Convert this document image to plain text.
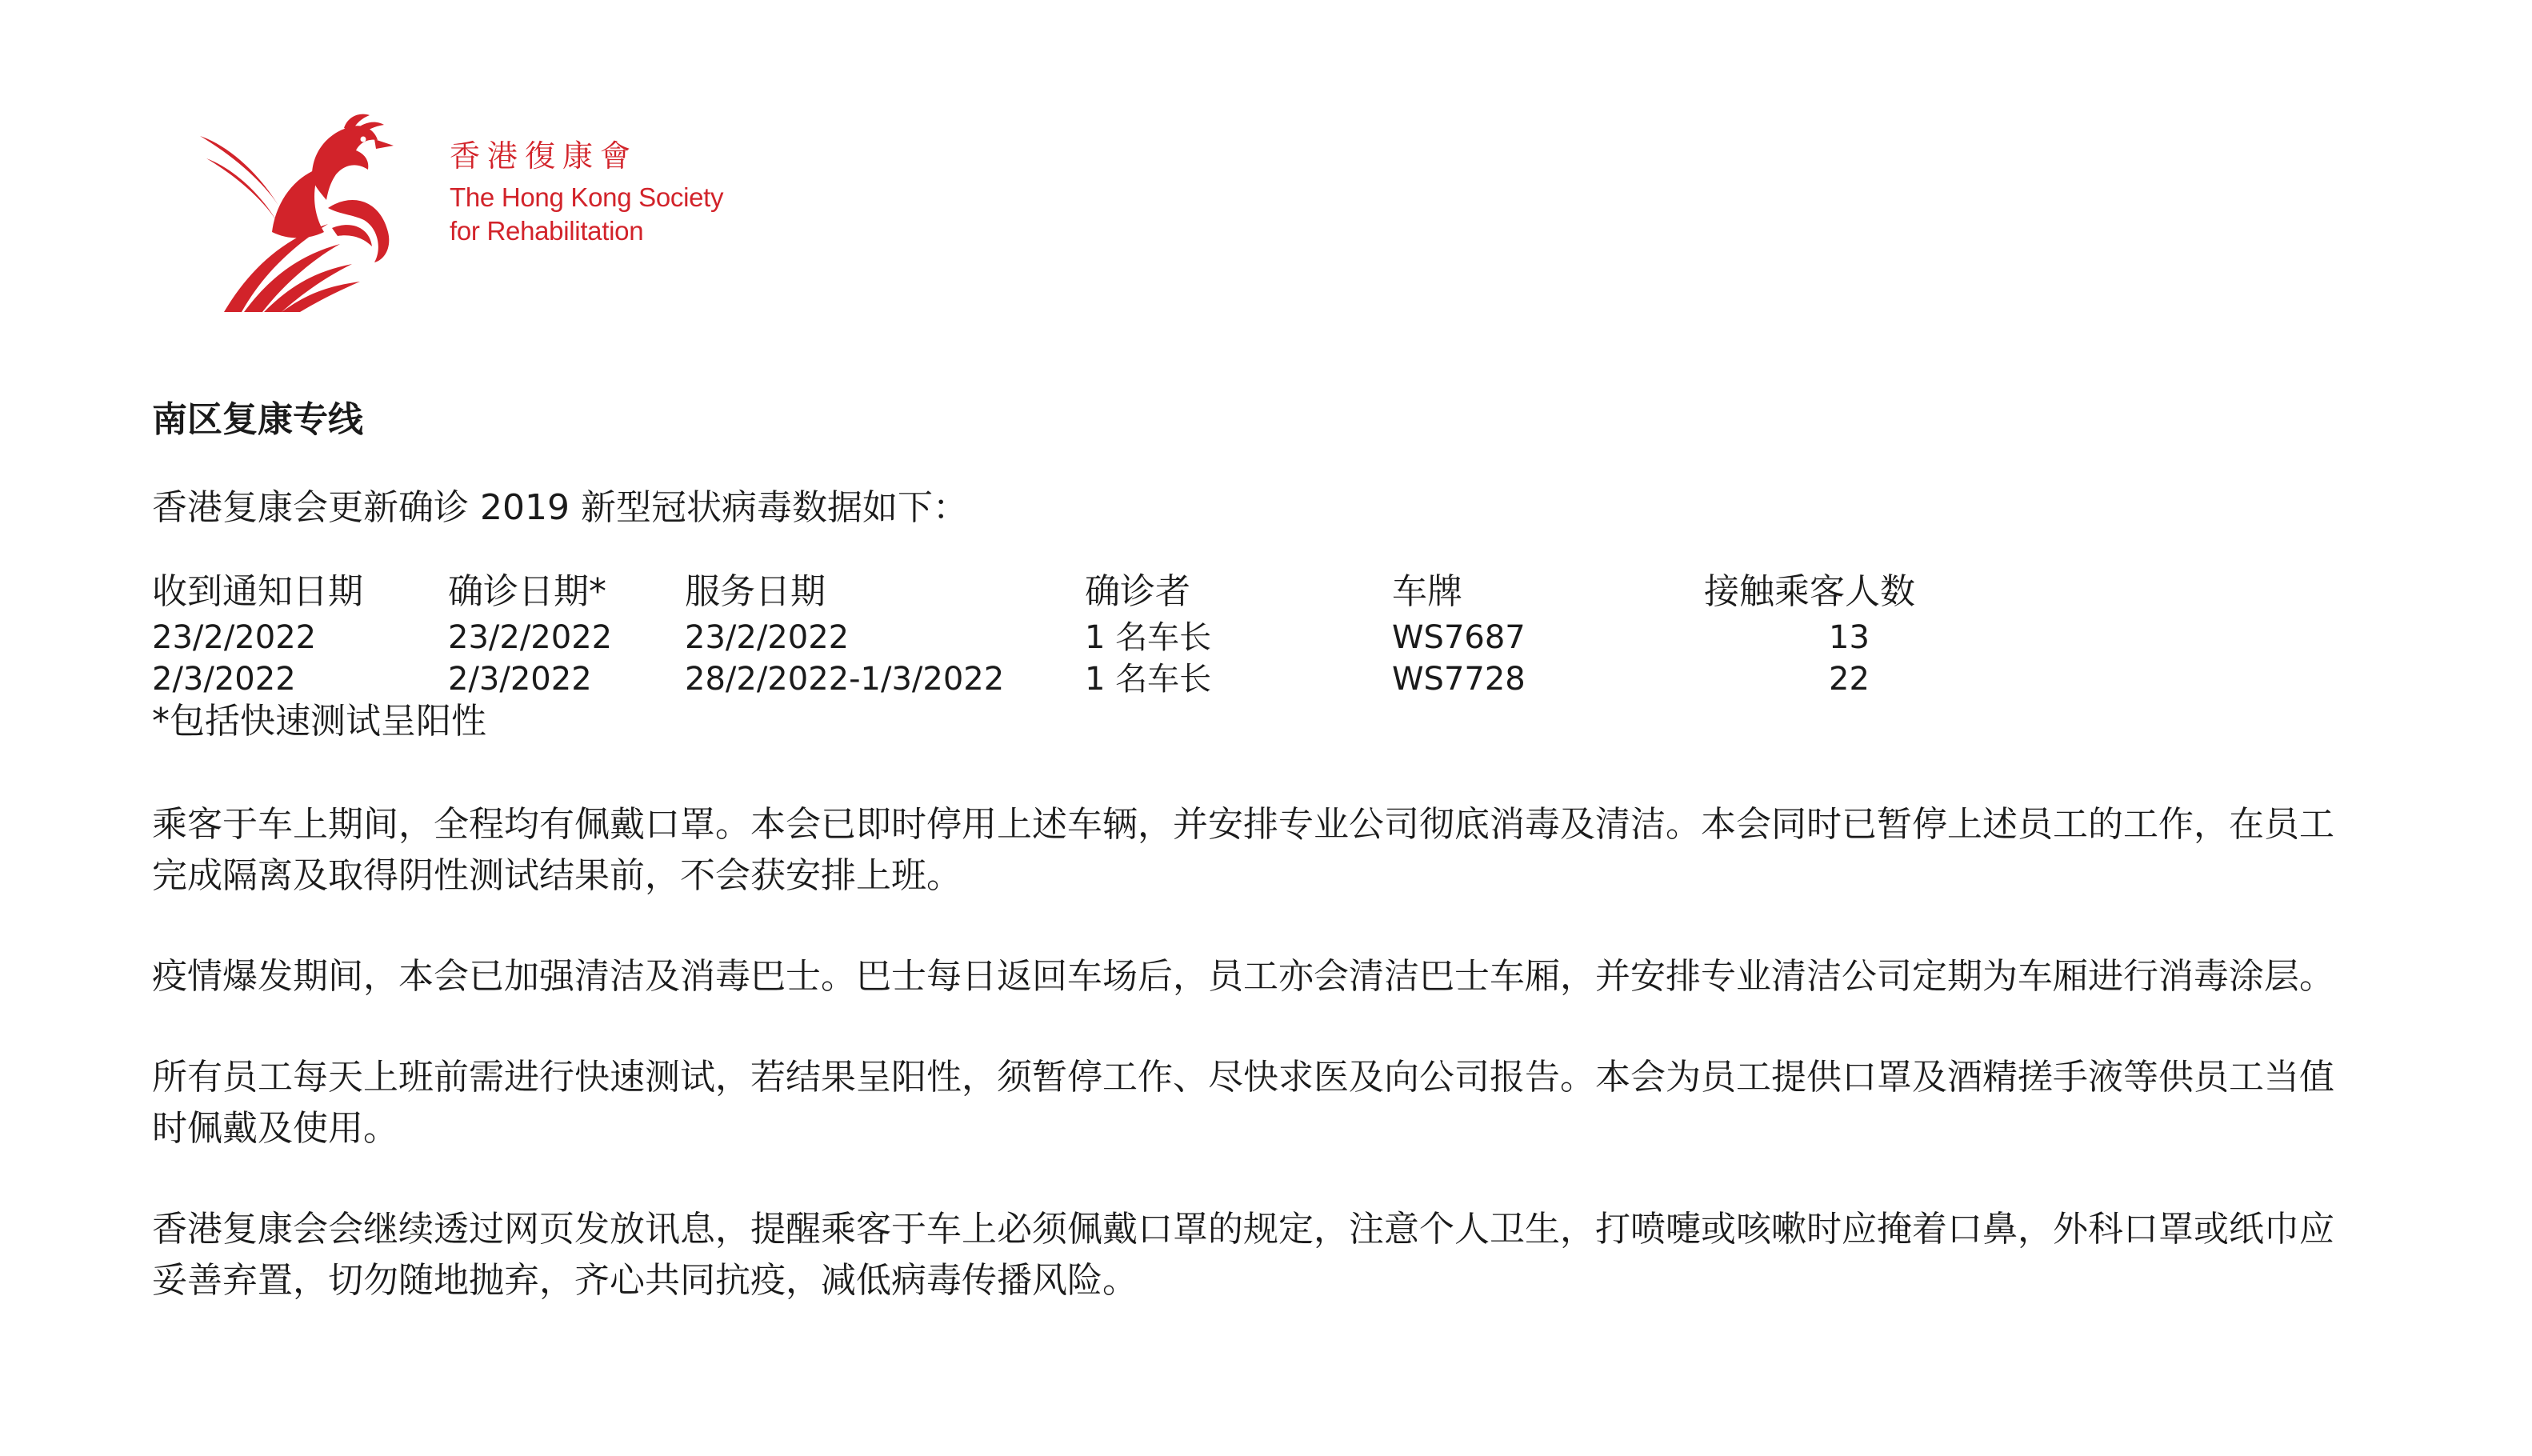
香港復康會
The Hong Kong Society
for Rehabilitation

南区复康专线

香港复康会更新确诊 2019 新型冠状病毒数据如下：

收到通知日期	确诊日期*	服务日期	确诊者	车牌	接触乘客人数
23/2/2022	23/2/2022	23/2/2022	1 名车长	WS7687	13
2/3/2022	2/3/2022	28/2/2022-1/3/2022	1 名车长	WS7728	22

*包括快速测试呈阳性

乘客于车上期间，全程均有佩戴口罩。本会已即时停用上述车辆，并安排专业公司彻底消毒及清洁。本会同时已暂停上述员工的工作，在员工完成隔离及取得阴性测试结果前，不会获安排上班。

疫情爆发期间，本会已加强清洁及消毒巴士。巴士每日返回车场后，员工亦会清洁巴士车厢，并安排专业清洁公司定期为车厢进行消毒涂层。

所有员工每天上班前需进行快速测试，若结果呈阳性，须暂停工作、尽快求医及向公司报告。本会为员工提供口罩及酒精搓手液等供员工当值时佩戴及使用。

香港复康会会继续透过网页发放讯息，提醒乘客于车上必须佩戴口罩的规定，注意个人卫生，打喷嚏或咳嗽时应掩着口鼻，外科口罩或纸巾应妥善弃置，切勿随地抛弃，齐心共同抗疫，减低病毒传播风险。
